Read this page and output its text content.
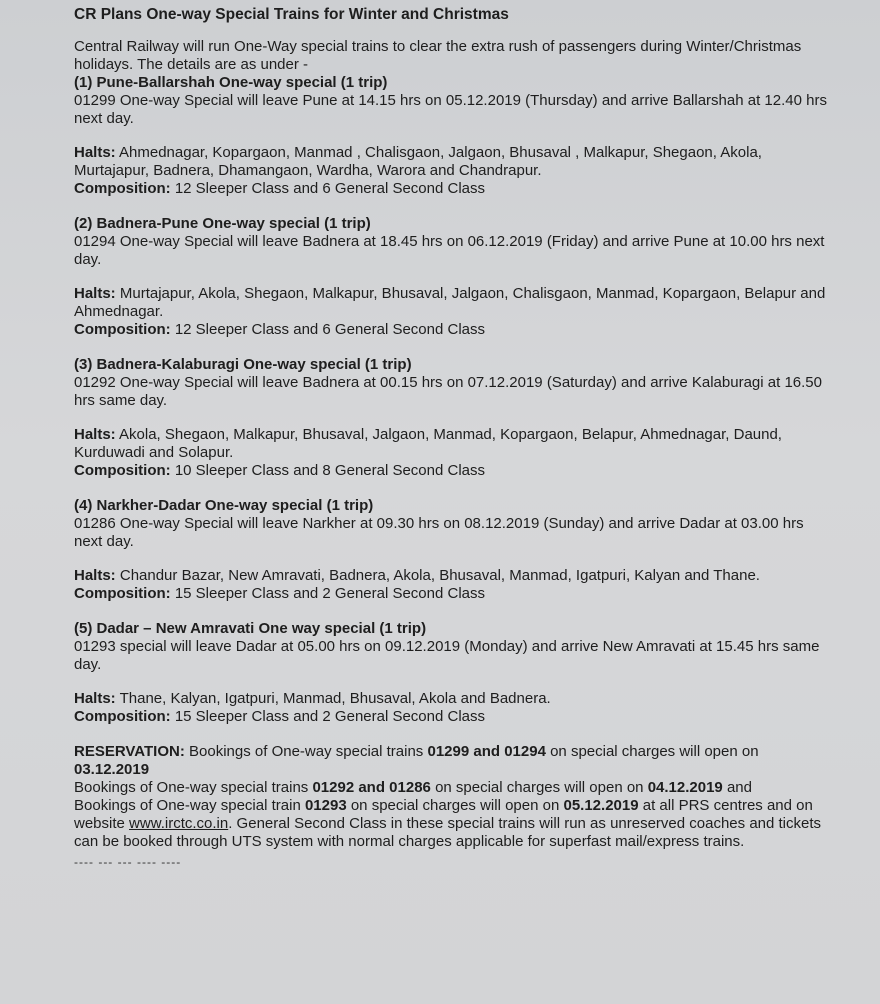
CR Plans One-way Special Trains for Winter and Christmas

Central Railway will run One-Way special trains to clear the extra rush of passengers during Winter/Christmas holidays. The details are as under -

(1) Pune-Ballarshah One-way special (1 trip)

01299 One-way Special will leave Pune at 14.15 hrs on 05.12.2019 (Thursday) and arrive Ballarshah at 12.40 hrs next day.

Halts: Ahmednagar, Kopargaon, Manmad , Chalisgaon, Jalgaon, Bhusaval , Malkapur, Shegaon, Akola, Murtajapur, Badnera, Dhamangaon, Wardha, Warora and Chandrapur.

Composition: 12 Sleeper Class and 6 General Second Class

(2) Badnera-Pune One-way special (1 trip)

01294 One-way Special will leave Badnera at 18.45 hrs on 06.12.2019 (Friday) and arrive Pune at 10.00 hrs next day.

Halts: Murtajapur, Akola, Shegaon, Malkapur, Bhusaval, Jalgaon, Chalisgaon, Manmad, Kopargaon, Belapur and Ahmednagar.

Composition: 12 Sleeper Class and 6 General Second Class

(3) Badnera-Kalaburagi One-way special (1 trip)

01292 One-way Special will leave Badnera at 00.15 hrs on 07.12.2019 (Saturday) and arrive Kalaburagi at 16.50 hrs same day.

Halts: Akola, Shegaon, Malkapur, Bhusaval, Jalgaon, Manmad, Kopargaon, Belapur, Ahmednagar, Daund, Kurduwadi and Solapur.

Composition: 10 Sleeper Class and 8 General Second Class

(4) Narkher-Dadar One-way special (1 trip)

01286 One-way Special will leave Narkher at 09.30 hrs on 08.12.2019 (Sunday) and arrive Dadar at 03.00 hrs next day.

Halts: Chandur Bazar, New Amravati, Badnera, Akola, Bhusaval, Manmad, Igatpuri, Kalyan and Thane.

Composition: 15 Sleeper Class and 2 General Second Class

(5) Dadar – New Amravati One way special (1 trip)

01293 special will leave Dadar at 05.00 hrs on 09.12.2019 (Monday) and arrive New Amravati at 15.45 hrs same day.

Halts: Thane, Kalyan, Igatpuri, Manmad, Bhusaval, Akola and Badnera.

Composition: 15 Sleeper Class and 2 General Second Class

RESERVATION: Bookings of One-way special trains 01299 and 01294 on special charges will open on 03.12.2019

Bookings of One-way special trains 01292 and 01286 on special charges will open on 04.12.2019 and

Bookings of One-way special train 01293 on special charges will open on 05.12.2019 at all PRS centres and on website www.irctc.co.in. General Second Class in these special trains will run as unreserved coaches and tickets can be booked through UTS system with normal charges applicable for superfast mail/express trains.

---- --- --- ---- ----
